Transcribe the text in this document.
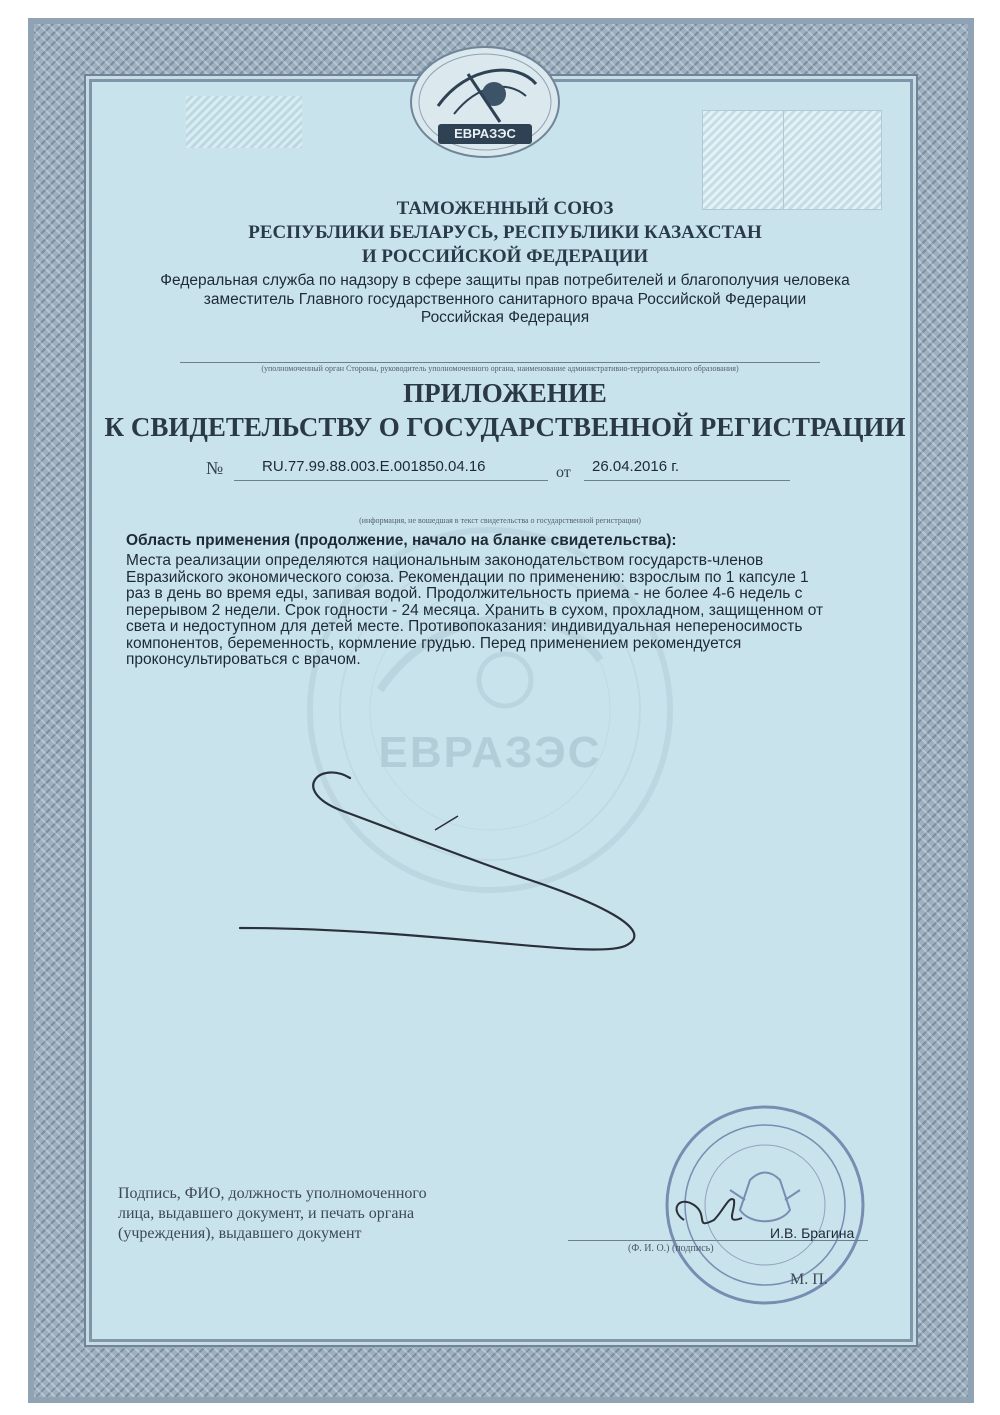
ЕВРАЗЭС
ЕВРАЗЭС
ТАМОЖЕННЫЙ СОЮЗ
РЕСПУБЛИКИ БЕЛАРУСЬ, РЕСПУБЛИКИ КАЗАХСТАН
И РОССИЙСКОЙ ФЕДЕРАЦИИ
Федеральная служба по надзору в сфере защиты прав потребителей и благополучия человека
заместитель Главного государственного санитарного врача Российской Федерации
Российская Федерация
(уполномоченный орган Стороны, руководитель уполномоченного органа, наименование административно-территориального образования)
ПРИЛОЖЕНИЕ
К СВИДЕТЕЛЬСТВУ О ГОСУДАРСТВЕННОЙ РЕГИСТРАЦИИ
№	RU.77.99.88.003.E.001850.04.16	от 26.04.2016 г.
(информация, не вошедшая в текст свидетельства о государственной регистрации)
Область применения (продолжение, начало на бланке свидетельства):
Места реализации определяются национальным законодательством государств-членов
Евразийского экономического союза. Рекомендации по применению: взрослым по 1 капсуле 1
раз в день во время еды, запивая водой. Продолжительность приема - не более 4-6 недель с
перерывом 2 недели. Срок годности - 24 месяца. Хранить в сухом, прохладном, защищенном от
света и недоступном для детей месте. Противопоказания: индивидуальная непереносимость
компонентов, беременность, кормление грудью. Перед применением рекомендуется
проконсультироваться с врачом.
Подпись, ФИО, должность уполномоченного
лица, выдавшего документ, и печать органа
(учреждения), выдавшего документ	И.В. Брагина
(Ф. И. О.) (подпись)
М. П.
